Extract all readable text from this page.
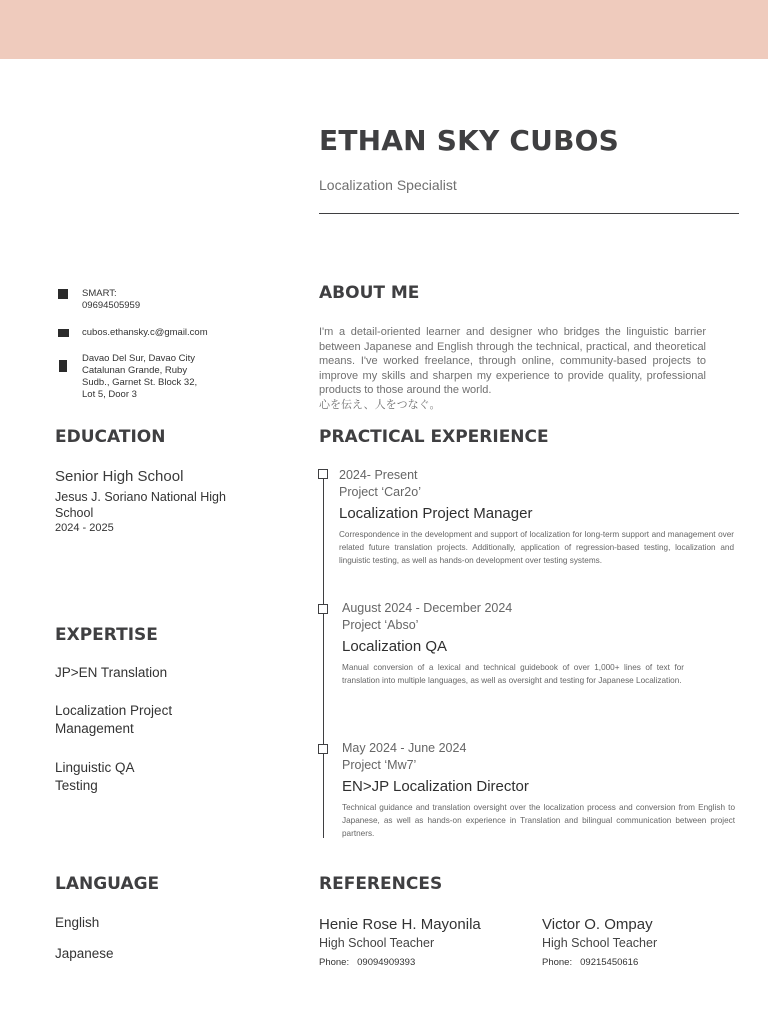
ETHAN SKY CUBOS
Localization Specialist
SMART:
09694505959
cubos.ethansky.c@gmail.com
Davao Del Sur, Davao City
Catalunan Grande, Ruby
Sudb., Garnet St. Block 32,
Lot 5, Door 3
ABOUT ME
I'm a detail-oriented learner and designer who bridges the linguistic barrier between Japanese and English through the technical, practical, and theoretical means. I've worked freelance, through online, community-based projects to improve my skills and sharpen my experience to provide quality, professional products to those around the world.
心を伝え、人をつなぐ。
EDUCATION
Senior High School
Jesus J. Soriano National High School
2024 - 2025
EXPERTISE
JP>EN Translation
Localization Project Management
Linguistic QA Testing
LANGUAGE
English
Japanese
PRACTICAL EXPERIENCE
2024- Present
Project ‘Car2o’
Localization Project Manager
Correspondence in the development and support of localization for long-term support and management over related future translation projects. Additionally, application of regression-based testing, localization and linguistic testing, as well as hands-on development over testing systems.
August 2024 - December 2024
Project ‘Abso’
Localization QA
Manual conversion of a lexical and technical guidebook of over 1,000+ lines of text for translation into multiple languages, as well as oversight and testing for Japanese Localization.
May 2024 - June 2024
Project ‘Mw7’
EN>JP Localization Director
Technical guidance and translation oversight over the localization process and conversion from English to Japanese, as well as hands-on experience in Translation and bilingual communication between project partners.
REFERENCES
Henie Rose H. Mayonila
High School Teacher
Phone: 09094909393
Victor O. Ompay
High School Teacher
Phone: 09215450616
